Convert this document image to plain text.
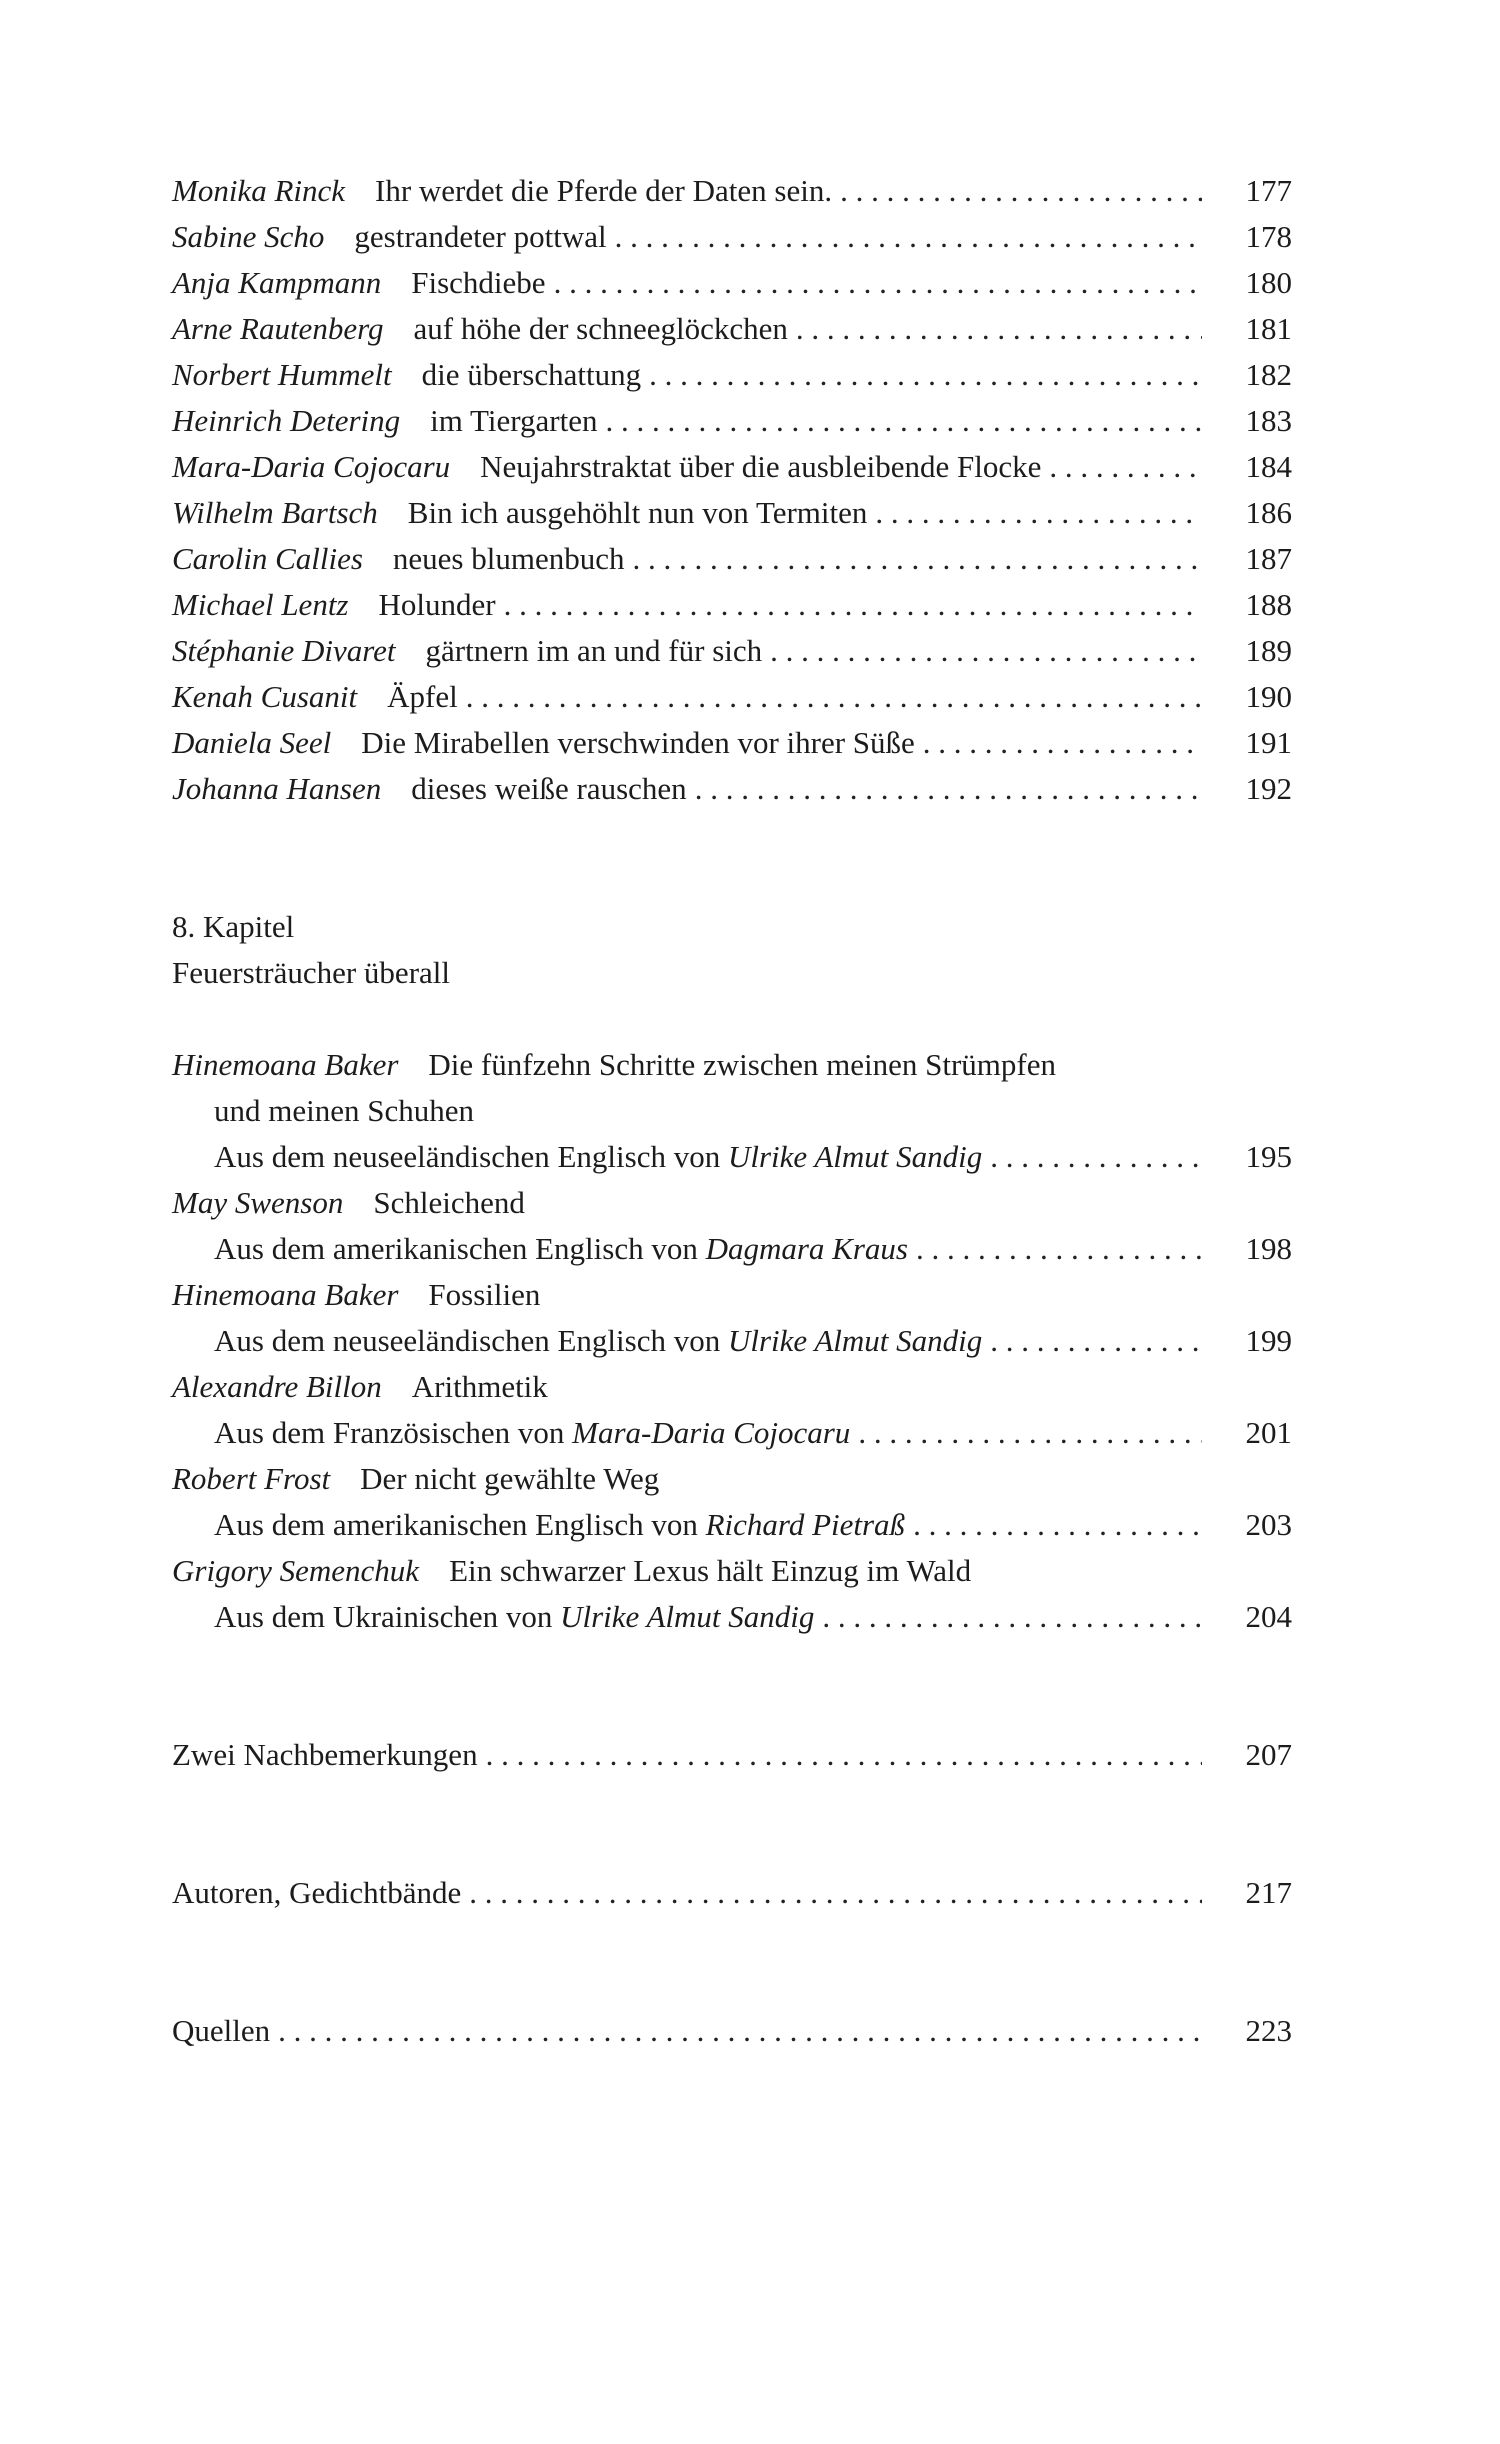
Monika Rinck Ihr werdet die Pferde der Daten sein. . . .	177
Sabine Scho gestrandeter pottwal . . .	178
Anja Kampmann Fischdiebe . . .	180
Arne Rautenberg auf höhe der schneeglöckchen . . .	181
Norbert Hummelt die überschattung . . .	182
Heinrich Detering im Tiergarten . . .	183
Mara-Daria Cojocaru Neujahrstraktat über die ausbleibende Flocke . . .	184
Wilhelm Bartsch Bin ich ausgehöhlt nun von Termiten . . .	186
Carolin Callies neues blumenbuch . . .	187
Michael Lentz Holunder . . .	188
Stéphanie Divaret gärtnern im an und für sich . . .	189
Kenah Cusanit Äpfel . . .	190
Daniela Seel Die Mirabellen verschwinden vor ihrer Süße . . .	191
Johanna Hansen dieses weiße rauschen . . .	192
8. Kapitel
Feuersträucher überall
Hinemoana Baker Die fünfzehn Schritte zwischen meinen Strümpfen
und meinen Schuhen
Aus dem neuseeländischen Englisch von
Ulrike Almut Sandig . . .	195
May Swenson Schleichend
Aus dem amerikanischen Englisch von
Dagmara Kraus . . .	198
Hinemoana Baker Fossilien
Aus dem neuseeländischen Englisch von
Ulrike Almut Sandig . . .	199
Alexandre Billon Arithmetik
Aus dem Französischen von
Mara-Daria Cojocaru . . .	201
Robert Frost Der nicht gewählte Weg
Aus dem amerikanischen Englisch von
Richard Pietraß . . .	203
Grigory Semenchuk Ein schwarzer Lexus hält Einzug im Wald
Aus dem Ukrainischen von
Ulrike Almut Sandig . . .	204
Zwei Nachbemerkungen . . .	207
Autoren, Gedichtbände . . .	217
Quellen . . .	223
